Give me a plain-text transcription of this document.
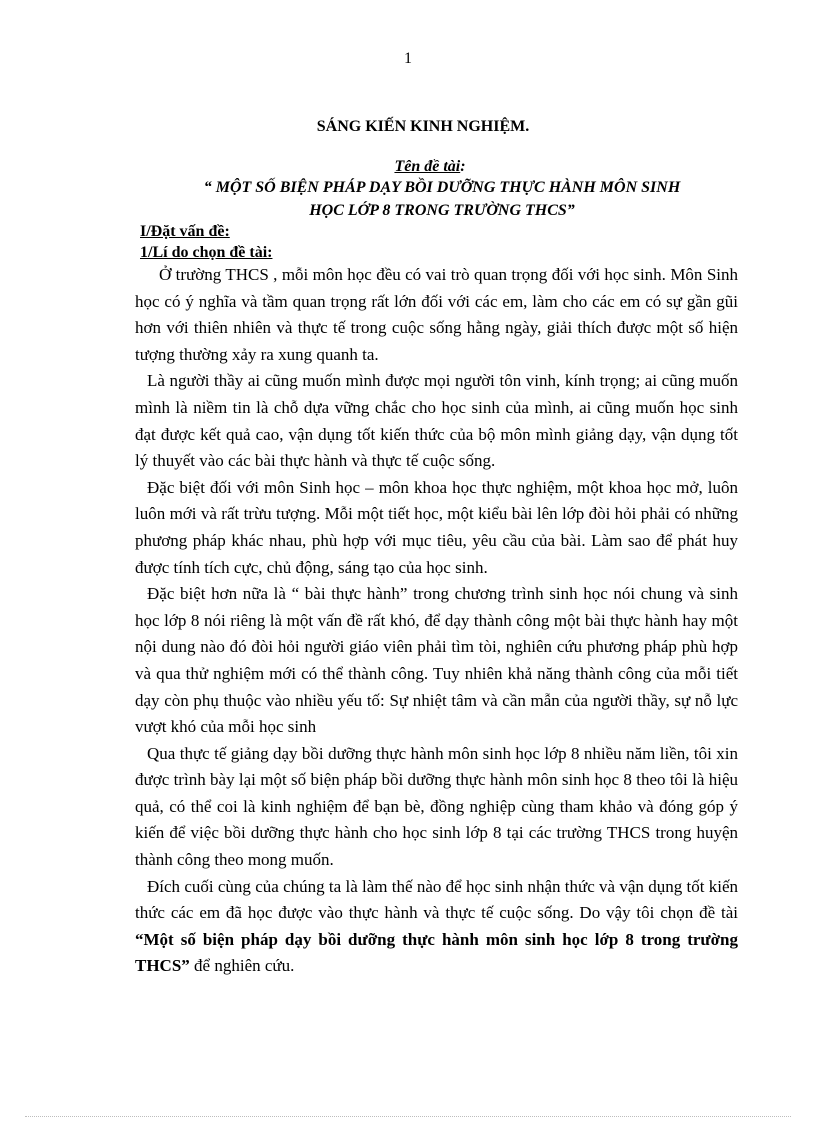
1
SÁNG KIẾN KINH NGHIỆM.
Tên đề tài:
“ MỘT SỐ BIỆN PHÁP DẠY BỒI DƯỠNG THỰC HÀNH MÔN SINH
HỌC LỚP 8 TRONG TRƯỜNG THCS”
I/Đặt vấn đề:
1/Lí do chọn đề tài:

Ở trường THCS , mỗi môn học đều có vai trò quan trọng đối với học sinh. Môn Sinh học có ý nghĩa và tầm quan trọng rất lớn đối với các em, làm cho các em có sự gần gũi hơn với thiên nhiên và thực tế trong cuộc sống hằng ngày, giải thích được một số hiện tượng thường xảy ra xung quanh ta.

Là người thầy ai cũng muốn mình được mọi người tôn vinh, kính trọng; ai cũng muốn mình là niềm tin là chỗ dựa vững chắc cho học sinh của mình, ai cũng muốn học sinh đạt được kết quả cao, vận dụng tốt kiến thức của bộ môn mình giảng dạy, vận dụng tốt lý thuyết vào các bài thực hành và thực tế cuộc sống.

Đặc biệt đối với môn Sinh học – môn khoa học thực nghiệm, một khoa học mở, luôn luôn mới và rất trừu tượng. Mỗi một tiết học, một kiểu bài lên lớp đòi hỏi phải có những phương pháp khác nhau, phù hợp với mục tiêu, yêu cầu của bài. Làm sao để phát huy được tính tích cực, chủ động, sáng tạo của học sinh.

Đặc biệt hơn nữa là “ bài thực hành” trong chương trình sinh học nói chung và sinh học lớp 8 nói riêng là một vấn đề rất khó, để dạy thành công một bài thực hành hay một nội dung nào đó đòi hỏi người giáo viên phải tìm tòi, nghiên cứu phương pháp phù hợp và qua thử nghiệm mới có thể thành công. Tuy nhiên khả năng thành công của mỗi tiết dạy còn phụ thuộc vào nhiều yếu tố: Sự nhiệt tâm và cần mẫn của người thầy, sự nỗ lực vượt khó của mỗi học sinh

Qua thực tế giảng dạy bồi dưỡng thực hành môn sinh học lớp 8 nhiều năm liền, tôi xin được trình bày lại một số biện pháp bồi dưỡng thực hành môn sinh học 8 theo tôi là hiệu quả, có thể coi là kinh nghiệm để bạn bè, đồng nghiệp cùng tham khảo và đóng góp ý kiến để việc bồi dưỡng thực hành cho học sinh lớp 8 tại các trường THCS trong huyện thành công theo mong muốn.

Đích cuối cùng của chúng ta là làm thế nào để học sinh nhận thức và vận dụng tốt kiến thức các em đã học được vào thực hành và thực tế cuộc sống. Do vậy tôi chọn đề tài “Một số biện pháp dạy bồi dưỡng thực hành môn sinh học lớp 8 trong trường THCS” để nghiên cứu.
